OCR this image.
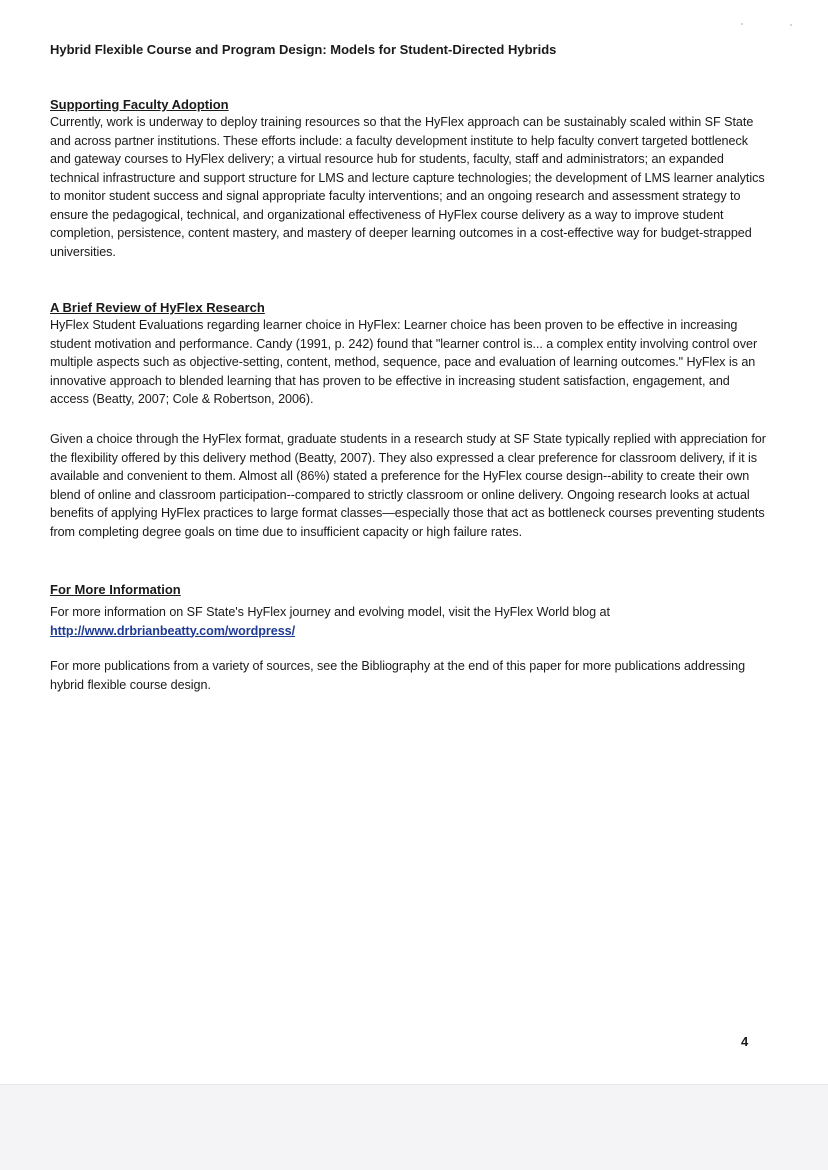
Hybrid Flexible Course and Program Design: Models for Student-Directed Hybrids

Supporting Faculty Adoption

Currently, work is underway to deploy training resources so that the HyFlex approach can be sustainably scaled within SF State and across partner institutions. These efforts include: a faculty development institute to help faculty convert targeted bottleneck and gateway courses to HyFlex delivery; a virtual resource hub for students, faculty, staff and administrators; an expanded technical infrastructure and support structure for LMS and lecture capture technologies; the development of LMS learner analytics to monitor student success and signal appropriate faculty interventions; and an ongoing research and assessment strategy to ensure the pedagogical, technical, and organizational effectiveness of HyFlex course delivery as a way to improve student completion, persistence, content mastery, and mastery of deeper learning outcomes in a cost-effective way for budget-strapped universities.

A Brief Review of HyFlex Research

HyFlex Student Evaluations regarding learner choice in HyFlex: Learner choice has been proven to be effective in increasing student motivation and performance. Candy (1991, p. 242) found that "learner control is... a complex entity involving control over multiple aspects such as objective-setting, content, method, sequence, pace and evaluation of learning outcomes." HyFlex is an innovative approach to blended learning that has proven to be effective in increasing student satisfaction, engagement, and access (Beatty, 2007; Cole & Robertson, 2006).

Given a choice through the HyFlex format, graduate students in a research study at SF State typically replied with appreciation for the flexibility offered by this delivery method (Beatty, 2007). They also expressed a clear preference for classroom delivery, if it is available and convenient to them. Almost all (86%) stated a preference for the HyFlex course design--ability to create their own blend of online and classroom participation--compared to strictly classroom or online delivery. Ongoing research looks at actual benefits of applying HyFlex practices to large format classes—especially those that act as bottleneck courses preventing students from completing degree goals on time due to insufficient capacity or high failure rates.

For More Information

For more information on SF State's HyFlex journey and evolving model, visit the HyFlex World blog at
http://www.drbrianbeatty.com/wordpress/

For more publications from a variety of sources, see the Bibliography at the end of this paper for more publications addressing hybrid flexible course design.

4
